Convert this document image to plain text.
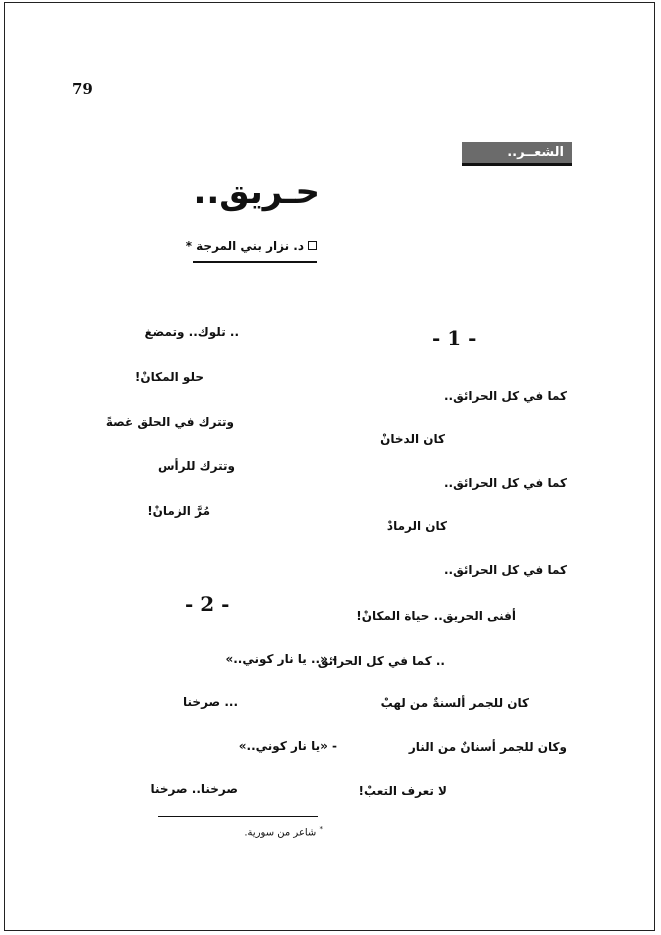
79
الشعــر..
حـريق..
د. نزار بني المرجة *
- 1 -
كما في كل الحرائق..
كان الدخانْ
كما في كل الحرائق..
كان الرمادْ
كما في كل الحرائق..
أفنى الحريق.. حياة المكانْ!
.. كما في كل الحرائق
كان للجمر ألسنةٌ من لهبْ
وكان للجمر أسنانٌ من النار
لا تعرف التعبْ!
.. تلوك.. وتمضغ
حلو المكانْ!
وتترك في الحلق غصةً
وتترك للرأس
مُرَّ الزمانْ!
- 2 -
- «.. يا نار كوني..»
... صرخنا
- «يا نار كوني..»
صرخنا.. صرخنا
* شاعر من سورية.
